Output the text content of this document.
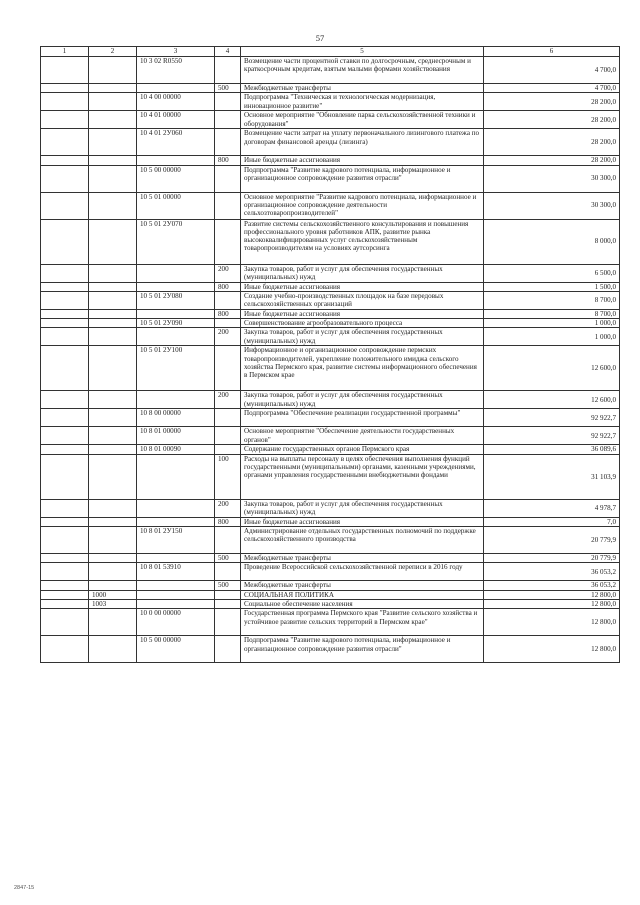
57
1	2	3	4	5	6
		10 3 02 R0550		Возмещение части процентной ставки по долгосрочным, среднесрочным и краткосрочным кредитам, взятым малыми формами хозяйствования	4 700,0
			500	Межбюджетные трансферты	4 700,0
		10 4 00 00000		Подпрограмма "Техническая и технологическая модернизация, инновационное развитие"	28 200,0
		10 4 01 00000		Основное мероприятие "Обновление парка сельскохозяйственной техники и оборудования"	28 200,0
		10 4 01 2У060		Возмещение части затрат на уплату первоначального лизингового платежа по договорам финансовой аренды (лизинга)	28 200,0
			800	Иные бюджетные ассигнования	28 200,0
		10 5 00 00000		Подпрограмма "Развитие кадрового потенциала, информационное и организационное сопровождение развития отрасли"	30 300,0
		10 5 01 00000		Основное мероприятие "Развитие кадрового потенциала, информационное и организационное сопровождение деятельности сельхозтоваропроизводителей"	30 300,0
		10 5 01 2У070		Развитие системы сельскохозяйственного консультирования и повышения профессионального уровня работников АПК, развитие рынка высококвалифицированных услуг сельскохозяйственным товаропроизводителям на условиях аутсорсинга	8 000,0
			200	Закупка товаров, работ и услуг для обеспечения государственных (муниципальных) нужд	6 500,0
			800	Иные бюджетные ассигнования	1 500,0
		10 5 01 2У080		Создание учебно-производственных площадок на базе передовых сельскохозяйственных организаций	8 700,0
			800	Иные бюджетные ассигнования	8 700,0
		10 5 01 2У090		Совершенствование агрообразовательного процесса	1 000,0
			200	Закупка товаров, работ и услуг для обеспечения государственных (муниципальных) нужд	1 000,0
		10 5 01 2У100		Информационное и организационное сопровождение пермских товаропроизводителей, укрепление положительного имиджа сельского хозяйства Пермского края, развитие системы информационного обеспечения в Пермском крае	12 600,0
			200	Закупка товаров, работ и услуг для обеспечения государственных (муниципальных) нужд	12 600,0
		10 8 00 00000		Подпрограмма "Обеспечение реализации государственной программы"	92 922,7
		10 8 01 00000		Основное мероприятие "Обеспечение деятельности государственных органов"	92 922,7
		10 8 01 00090		Содержание государственных органов Пермского края	36 089,6
			100	Расходы на выплаты персоналу в целях обеспечения выполнения функций государственными (муниципальными) органами, казенными учреждениями, органами управления государственными внебюджетными фондами	31 103,9
			200	Закупка товаров, работ и услуг для обеспечения государственных (муниципальных) нужд	4 978,7
			800	Иные бюджетные ассигнования	7,0
		10 8 01 2У150		Администрирование отдельных государственных полномочий по поддержке сельскохозяйственного производства	20 779,9
			500	Межбюджетные трансферты	20 779,9
		10 8 01 53910		Проведение Всероссийской сельскохозяйственной переписи в 2016 году	36 053,2
			500	Межбюджетные трансферты	36 053,2
	1000			СОЦИАЛЬНАЯ ПОЛИТИКА	12 800,0
	1003			Социальное обеспечение населения	12 800,0
		10 0 00 00000		Государственная программа Пермского края "Развитие сельского хозяйства и устойчивое развитие сельских территорий в Пермском крае"	12 800,0
		10 5 00 00000		Подпрограмма "Развитие кадрового потенциала, информационное и организационное сопровождение развития отрасли"	12 800,0
2847-15
